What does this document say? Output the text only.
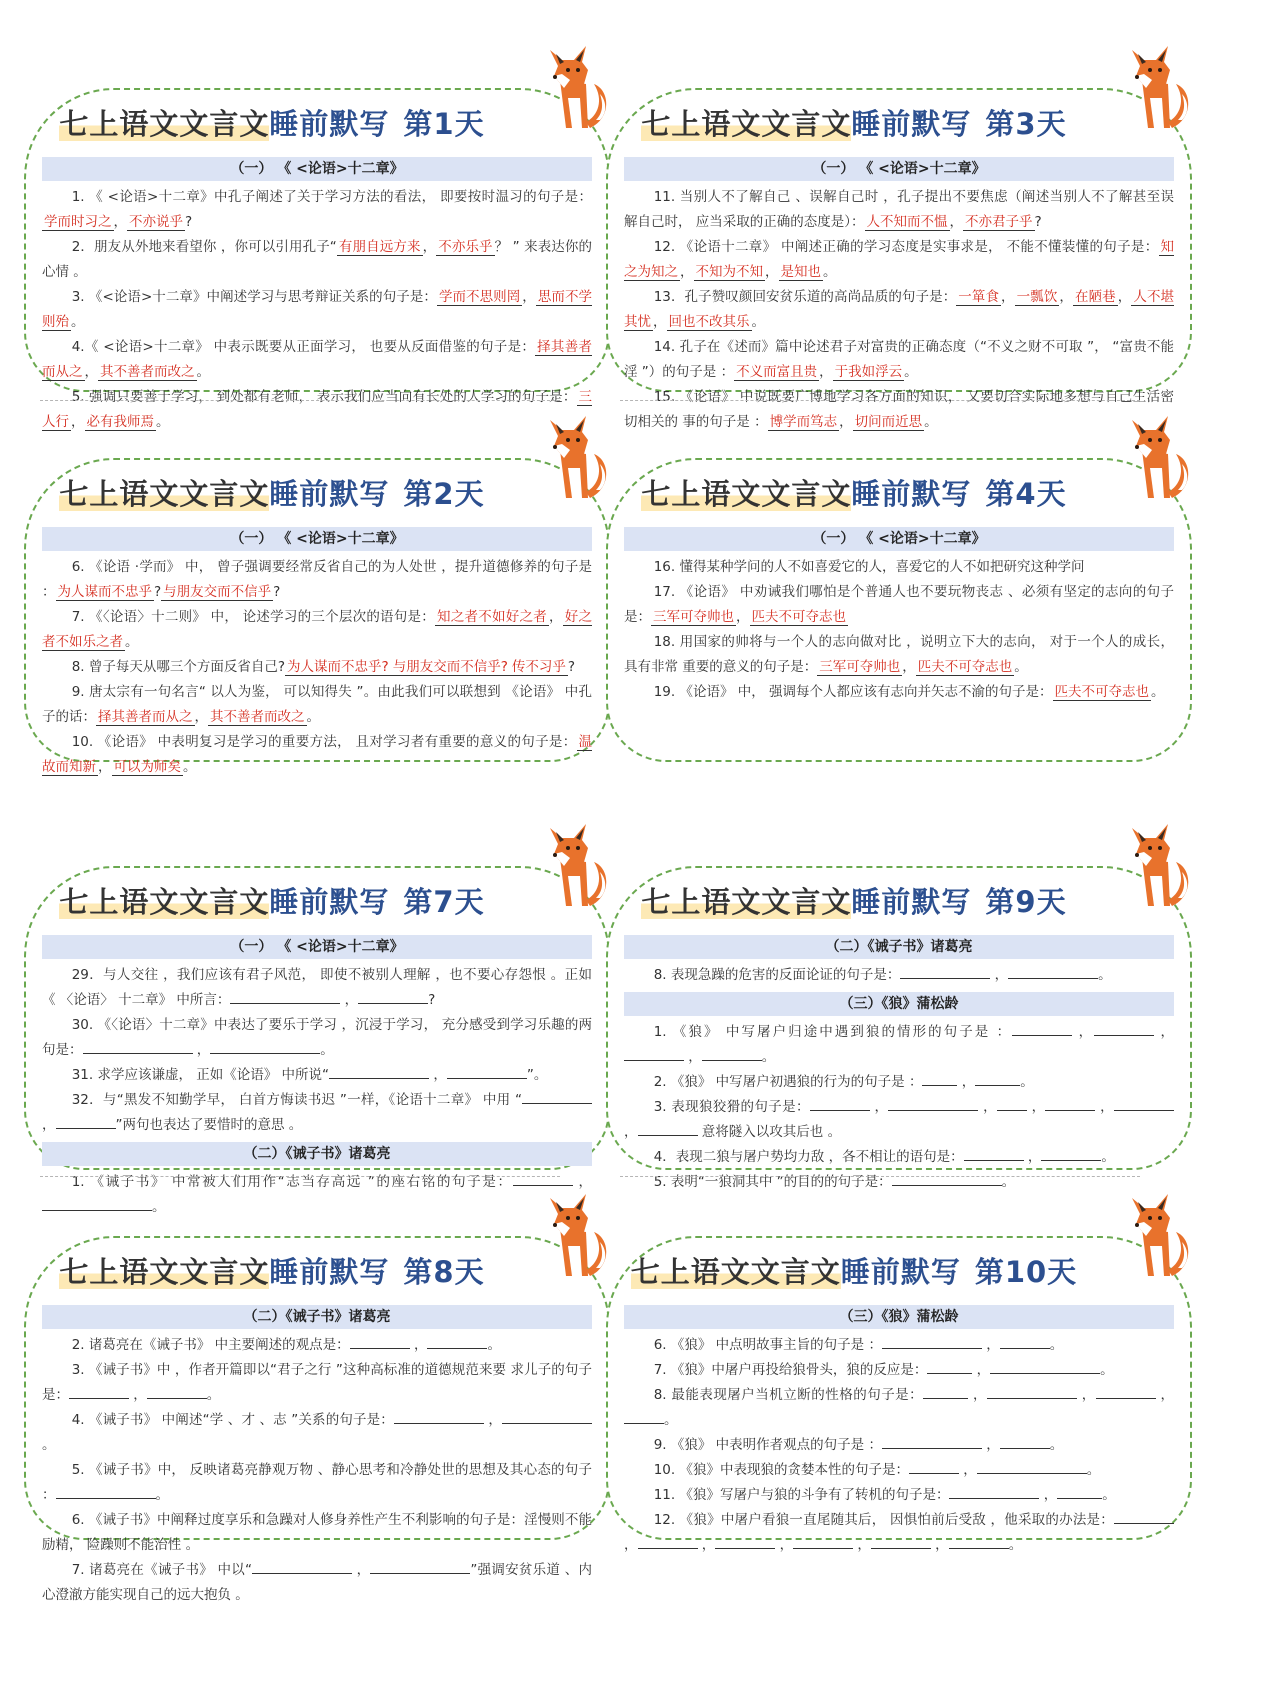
七上语文文言文睡前默写 第1天
（一） 《 <论语>十二章》

1. 《 <论语>十二章》中孔子阐述了关于学习方法的看法， 即要按时温习的句子是：学而时习之 ， 不亦说乎 ?

2．朋友从外地来看望你 ，你可以引用孔子“ 有朋自远方来 ， 不亦乐乎 ？ ” 来表达你的心情 。

3. 《<论语>十二章》中阐述学习与思考辩证关系的句子是： 学而不思则罔 ， 思而不学则殆 。

4.《 <论语>十二章》 中表示既要从正面学习， 也要从反面借鉴的句子是： 择其善者而从之 ， 其不善者而改之 。

5. 强调只要善于学习， 到处都有老师， 表示我们应当向有长处的人学习的句子是： 三人行 ， 必有我师焉 。

七上语文文言文睡前默写 第3天
（一） 《 <论语>十二章》

11. 当别人不了解自己 、误解自己时 ，孔子提出不要焦虑（阐述当别人不了解甚至误解自己时， 应当采取的正确的态度是）： 人不知而不愠 ， 不亦君子乎 ?

12. 《论语十二章》 中阐述正确的学习态度是实事求是， 不能不懂装懂的句子是： 知之为知之 ， 不知为不知 ， 是知也 。

13．孔子赞叹颜回安贫乐道的高尚品质的句子是： 一箪食 ， 一瓢饮 ， 在陋巷 ， 人不堪其忧 ， 回也不改其乐 。

14. 孔子在《述而》篇中论述君子对富贵的正确态度（“不义之财不可取 ”， “富贵不能淫 ”）的句子是 ： 不义而富且贵 ， 于我如浮云 。

15. 《论语》 中说既要广博地学习各方面的知识， 又要切合实际地多想与自己生活密切相关的 事的句子是 ： 博学而笃志 ， 切问而近思 。

七上语文文言文睡前默写 第2天
（一） 《 <论语>十二章》

6. 《论语 ·学而》 中， 曾子强调要经常反省自己的为人处世 ，提升道德修养的句子是 ： 为人谋而不忠乎 ? 与朋友交而不信乎 ?

7. 《〈论语〉十二则》 中， 论述学习的三个层次的语句是： 知之者不如好之者 ， 好之者不如乐之者 。

8. 曾子每天从哪三个方面反省自己? 为人谋而不忠乎? 与朋友交而不信乎? 传不习乎 ?

9. 唐太宗有一句名言“ 以人为鉴， 可以知得失 ”。由此我们可以联想到 《论语》 中孔子的话： 择其善者而从之 ， 其不善者而改之 。

10. 《论语》 中表明复习是学习的重要方法， 且对学习者有重要的意义的句子是： 温故而知新 ， 可以为师矣 。

七上语文文言文睡前默写 第4天
（一） 《 <论语>十二章》

16. 懂得某种学问的人不如喜爱它的人，喜爱它的人不如把研究这种学问

17. 《论语》 中劝诫我们哪怕是个普通人也不要玩物丧志 、必须有坚定的志向的句子是： 三军可夺帅也 ， 匹夫不可夺志也

18. 用国家的帅将与一个人的志向做对比 ，说明立下大的志向， 对于一个人的成长， 具有非常 重要的意义的句子是： 三军可夺帅也 ， 匹夫不可夺志也 。

19. 《论语》 中， 强调每个人都应该有志向并矢志不渝的句子是： 匹夫不可夺志也 。

七上语文文言文睡前默写 第7天
（一） 《 <论语>十二章》

29．与人交往 ，我们应该有君子风范， 即使不被别人理解 ，也不要心存怨恨 。正如《 〈论语〉 十二章》 中所言：	，	?

30. 《〈论语〉十二章》中表达了要乐于学习 ，沉浸于学习， 充分感受到学习乐趣的两句是：	，	。

31. 求学应该谦虚， 正如《论语》 中所说“	，	”。

32．与“黑发不知勤学早， 白首方悔读书迟 ”一样，《论语十二章》 中用 “ ，	”两句也表达了要惜时的意思 。

（二）《诫子书》诸葛亮

1. 《诫子书》 中常被人们用作“志当存高远 ”的座右铭的句子是：	，。

七上语文文言文睡前默写 第9天
（二）《诫子书》诸葛亮

8. 表现急躁的危害的反面论证的句子是：	，	。

（三）《狼》蒲松龄

1. 《狼》 中写屠户归途中遇到狼的情形的句子是 ：	，	， ，	。

2. 《狼》 中写屠户初遇狼的行为的句子是 ：	，	。

3. 表现狼狡猾的句子是：	，	， ，	， ，	意将隧入以攻其后也 。

4．表现二狼与屠户势均力敌 ，各不相让的语句是：	，	。

5. 表明“一狼洞其中 ”的目的的句子是：	。

七上语文文言文睡前默写 第8天
（二）《诫子书》诸葛亮

2. 诸葛亮在《诫子书》 中主要阐述的观点是：	，	。

3. 《诫子书》中 ，作者开篇即以“君子之行 ”这种高标准的道德规范来要 求儿子的句子是：	，	。

4. 《诫子书》 中阐述“学 、才 、志 ”关系的句子是：	，。

5. 《诫子书》中， 反映诸葛亮静观万物 、静心思考和冷静处世的思想及其心态的句子 ：	。

6. 《诫子书》中阐释过度享乐和急躁对人修身养性产生不利影响的句子是：淫慢则不能励精， 险躁则不能治性 。

7. 诸葛亮在《诫子书》 中以“	，	”强调安贫乐道 、内心澄澈方能实现自己的远大抱负 。

七上语文文言文睡前默写 第10天
（三）《狼》蒲松龄

6. 《狼》 中点明故事主旨的句子是 ：	，	。

7. 《狼》中屠户再投给狼骨头，狼的反应是：	，	。

8. 最能表现屠户当机立断的性格的句子是：	，	，	，。

9. 《狼》 中表明作者观点的句子是 ：	，	。

10. 《狼》中表现狼的贪婪本性的句子是：	，	。

11. 《狼》写屠户与狼的斗争有了转机的句子是：	，	。

12. 《狼》中屠户看狼一直尾随其后， 因惧怕前后受敌 ，他采取的办法是： ，	，	，	，	，	。
